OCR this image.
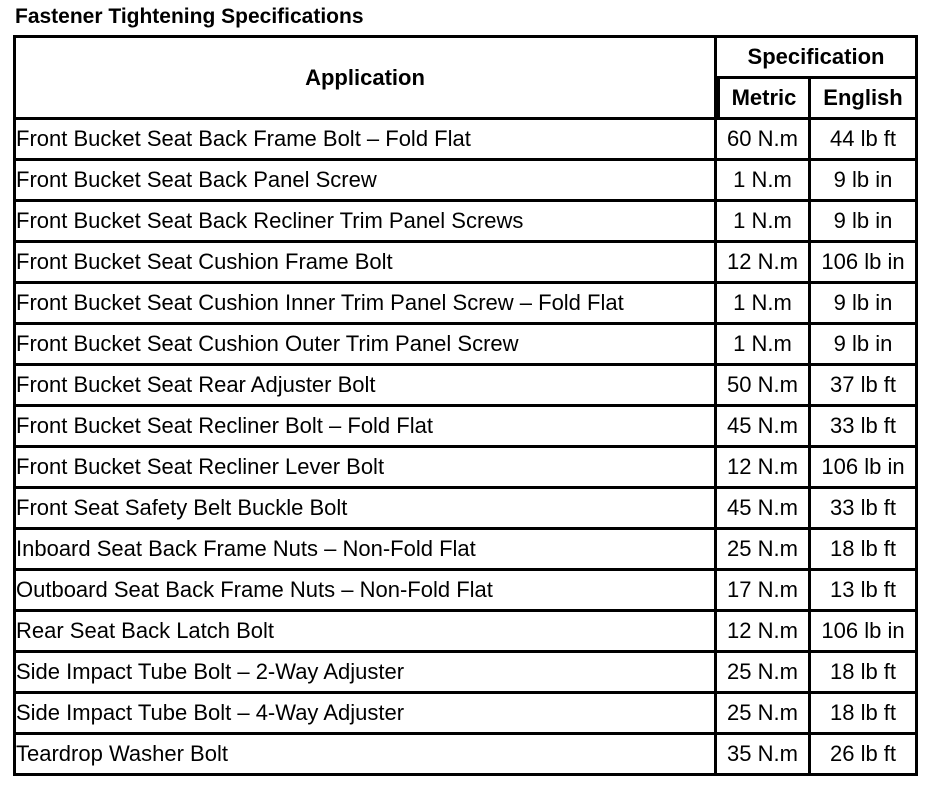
Fastener Tightening Specifications
Application	Specification	
	Metric	English
Front Bucket Seat Back Frame Bolt – Fold Flat	60 N.m	44 lb ft
Front Bucket Seat Back Panel Screw	1 N.m	9 lb in
Front Bucket Seat Back Recliner Trim Panel Screws	1 N.m	9 lb in
Front Bucket Seat Cushion Frame Bolt	12 N.m	106 lb in
Front Bucket Seat Cushion Inner Trim Panel Screw – Fold Flat	1 N.m	9 lb in
Front Bucket Seat Cushion Outer Trim Panel Screw	1 N.m	9 lb in
Front Bucket Seat Rear Adjuster Bolt	50 N.m	37 lb ft
Front Bucket Seat Recliner Bolt – Fold Flat	45 N.m	33 lb ft
Front Bucket Seat Recliner Lever Bolt	12 N.m	106 lb in
Front Seat Safety Belt Buckle Bolt	45 N.m	33 lb ft
Inboard Seat Back Frame Nuts – Non-Fold Flat	25 N.m	18 lb ft
Outboard Seat Back Frame Nuts – Non-Fold Flat	17 N.m	13 lb ft
Rear Seat Back Latch Bolt	12 N.m	106 lb in
Side Impact Tube Bolt – 2-Way Adjuster	25 N.m	18 lb ft
Side Impact Tube Bolt – 4-Way Adjuster	25 N.m	18 lb ft
Teardrop Washer Bolt	35 N.m	26 lb ft
